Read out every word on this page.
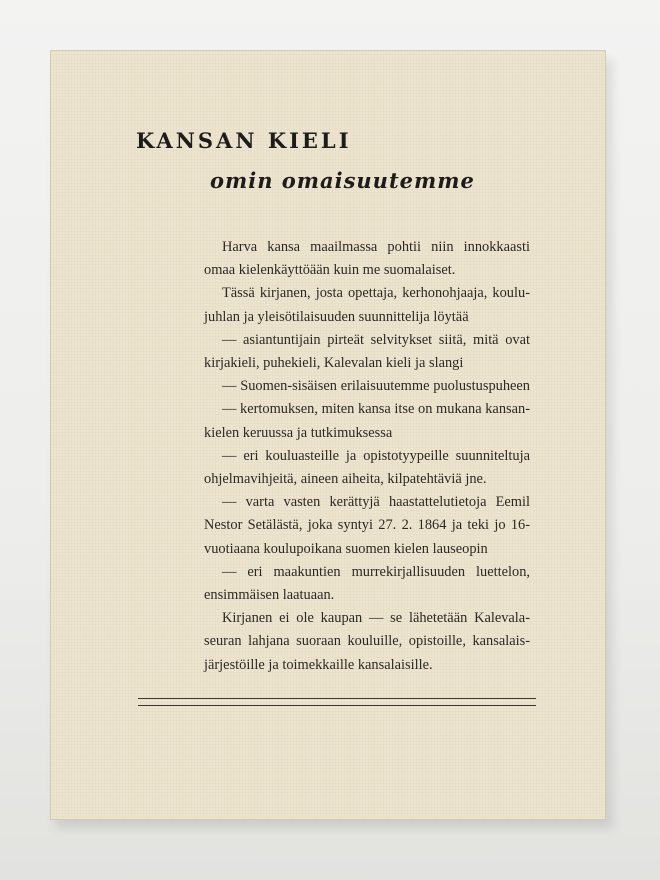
KANSAN KIELI
omin omaisuutemme
Harva kansa maailmassa pohtii niin innokkaasti
omaa kielenkäyttöään kuin me suomalaiset.
Tässä kirjanen, josta opettaja, kerhonohjaaja, koulu-
juhlan ja yleisötilaisuuden suunnittelija löytää
— asiantuntijain pirteät selvitykset siitä, mitä ovat
kirjakieli, puhekieli, Kalevalan kieli ja slangi
— Suomen-sisäisen erilaisuutemme puolustuspuheen
— kertomuksen, miten kansa itse on mukana kansan-
kielen keruussa ja tutkimuksessa
— eri kouluasteille ja opistotyypeille suunniteltuja
ohjelmavihjeitä, aineen aiheita, kilpatehtäviä jne.
— varta vasten kerättyjä haastattelutietoja Eemil
Nestor Setälästä, joka syntyi 27. 2. 1864 ja teki jo 16-
vuotiaana koulupoikana suomen kielen lauseopin
— eri maakuntien murrekirjallisuuden luettelon,
ensimmäisen laatuaan.
Kirjanen ei ole kaupan — se lähetetään Kalevala-
seuran lahjana suoraan kouluille, opistoille, kansalais-
järjestöille ja toimekkaille kansalaisille.
